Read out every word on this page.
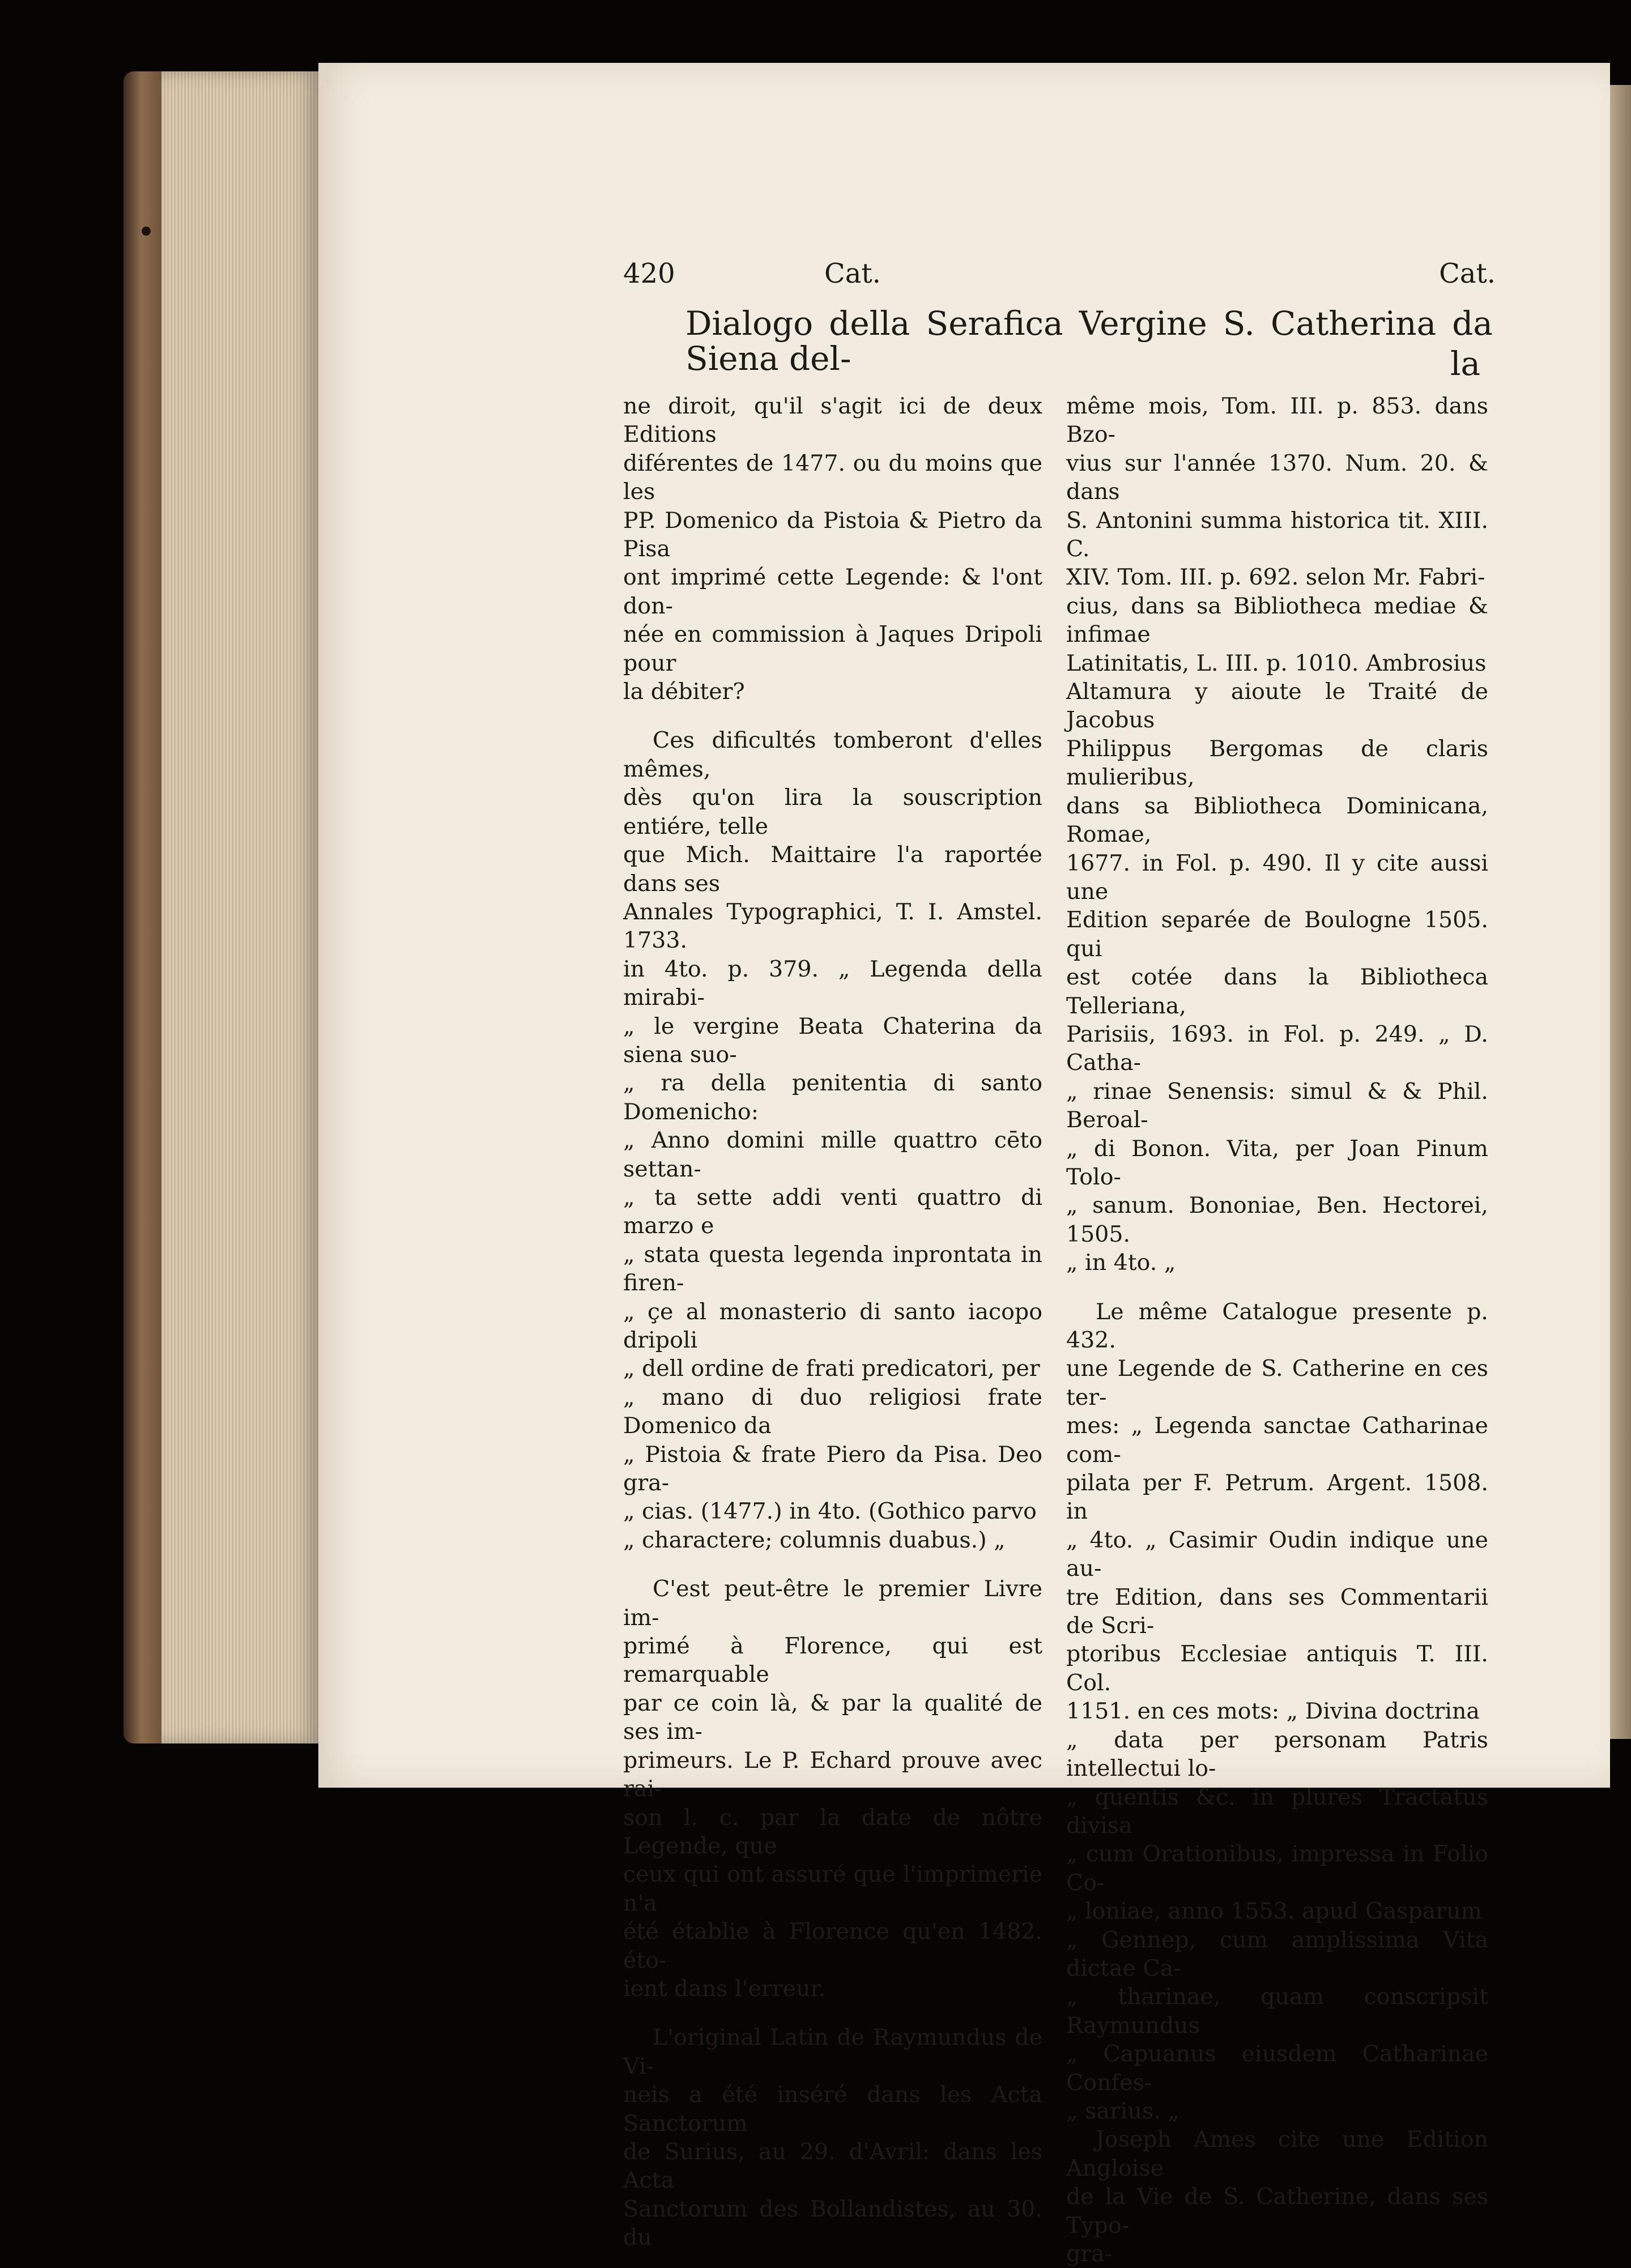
420	Cat.	Cat.
Dialogo della Serafica Vergine S. Catherina da Siena del-	la

ne diroit, qu'il s'agit ici de deux Editions
diférentes de 1477. ou du moins que les
PP. Domenico da Pistoia & Pietro da Pisa
ont imprimé cette Legende: & l'ont don-
née en commission à Jaques Dripoli pour
la débiter?

Ces dificultés tomberont d'elles mêmes,
dès qu'on lira la souscription entiére, telle
que Mich. Maittaire l'a raportée dans ses
Annales Typographici, T. I. Amstel. 1733.
in 4to. p. 379. „ Legenda della mirabi-
„ le vergine Beata Chaterina da siena suo-
„ ra della penitentia di santo Domenicho:
„ Anno domini mille quattro cēto settan-
„ ta sette addi venti quattro di marzo e
„ stata questa legenda inprontata in firen-
„ çe al monasterio di santo iacopo dripoli
„ dell ordine de frati predicatori, per
„ mano di duo religiosi frate Domenico da
„ Pistoia & frate Piero da Pisa. Deo gra-
„ cias. (1477.) in 4to. (Gothico parvo
„ charactere; columnis duabus.) „

C'est peut-être le premier Livre im-
primé à Florence, qui est remarquable
par ce coin là, & par la qualité de ses im-
primeurs. Le P. Echard prouve avec rai-
son l. c. par la date de nôtre Legende, que
ceux qui ont assuré que l'imprimerie n'a
été établie à Florence qu'en 1482. éto-
ient dans l'erreur.

L'original Latin de Raymundus de Vi-
neis a été inséré dans les Acta Sanctorum
de Surius, au 29. d'Avril: dans les Acta
Sanctorum des Bollandistes, au 30. du

même mois, Tom. III. p. 853. dans Bzo-
vius sur l'année 1370. Num. 20. & dans
S. Antonini summa historica tit. XIII. C.
XIV. Tom. III. p. 692. selon Mr. Fabri-
cius, dans sa Bibliotheca mediae & infimae
Latinitatis, L. III. p. 1010. Ambrosius
Altamura y aioute le Traité de Jacobus
Philippus Bergomas de claris mulieribus,
dans sa Bibliotheca Dominicana, Romae,
1677. in Fol. p. 490. Il y cite aussi une
Edition separée de Boulogne 1505. qui
est cotée dans la Bibliotheca Telleriana,
Parisiis, 1693. in Fol. p. 249. „ D. Catha-
„ rinae Senensis: simul & & Phil. Beroal-
„ di Bonon. Vita, per Joan Pinum Tolo-
„ sanum. Bononiae, Ben. Hectorei, 1505.
„ in 4to. „

Le même Catalogue presente p. 432.
une Legende de S. Catherine en ces ter-
mes: „ Legenda sanctae Catharinae com-
pilata per F. Petrum. Argent. 1508. in
„ 4to. „ Casimir Oudin indique une au-
tre Edition, dans ses Commentarii de Scri-
ptoribus Ecclesiae antiquis T. III. Col.
1151. en ces mots: „ Divina doctrina
„ data per personam Patris intellectui lo-
„ quentis &c. in plures Tractatus divisa
„ cum Orationibus, impressa in Folio Co-
„ loniae, anno 1553. apud Gasparum
„ Gennep, cum amplissima Vita dictae Ca-
„ tharinae, quam conscripsit Raymundus
„ Capuanus eiusdem Catharinae Confes-
„ sarius. „

Joseph Ames cite une Edition Angloise
de la Vie de S. Catherine, dans ses Typo-
gra-
